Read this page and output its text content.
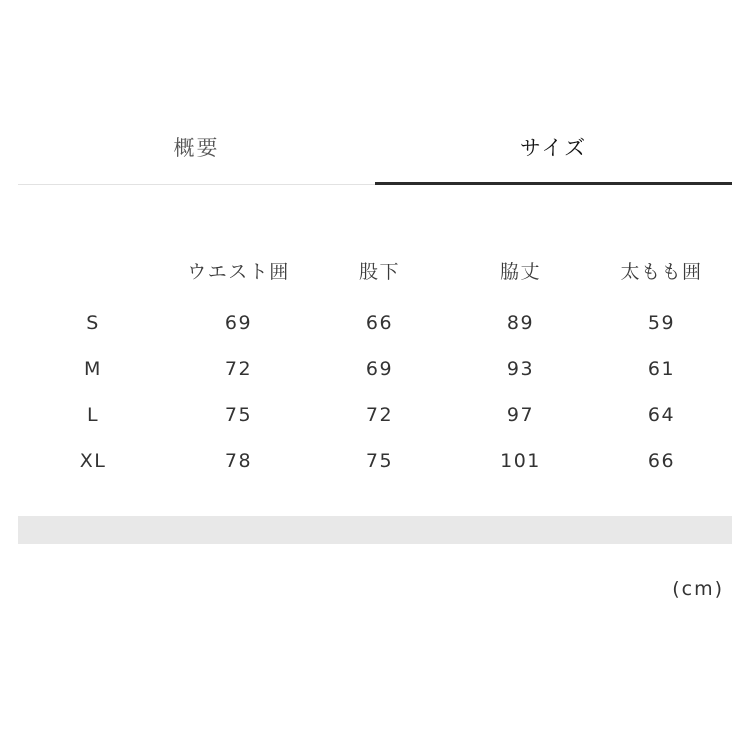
概要	サイズ
	ウエスト囲	股下	脇丈	太もも囲
S	69	66	89	59
M	72	69	93	61
L	75	72	97	64
XL	78	75	101	66
(cm)
